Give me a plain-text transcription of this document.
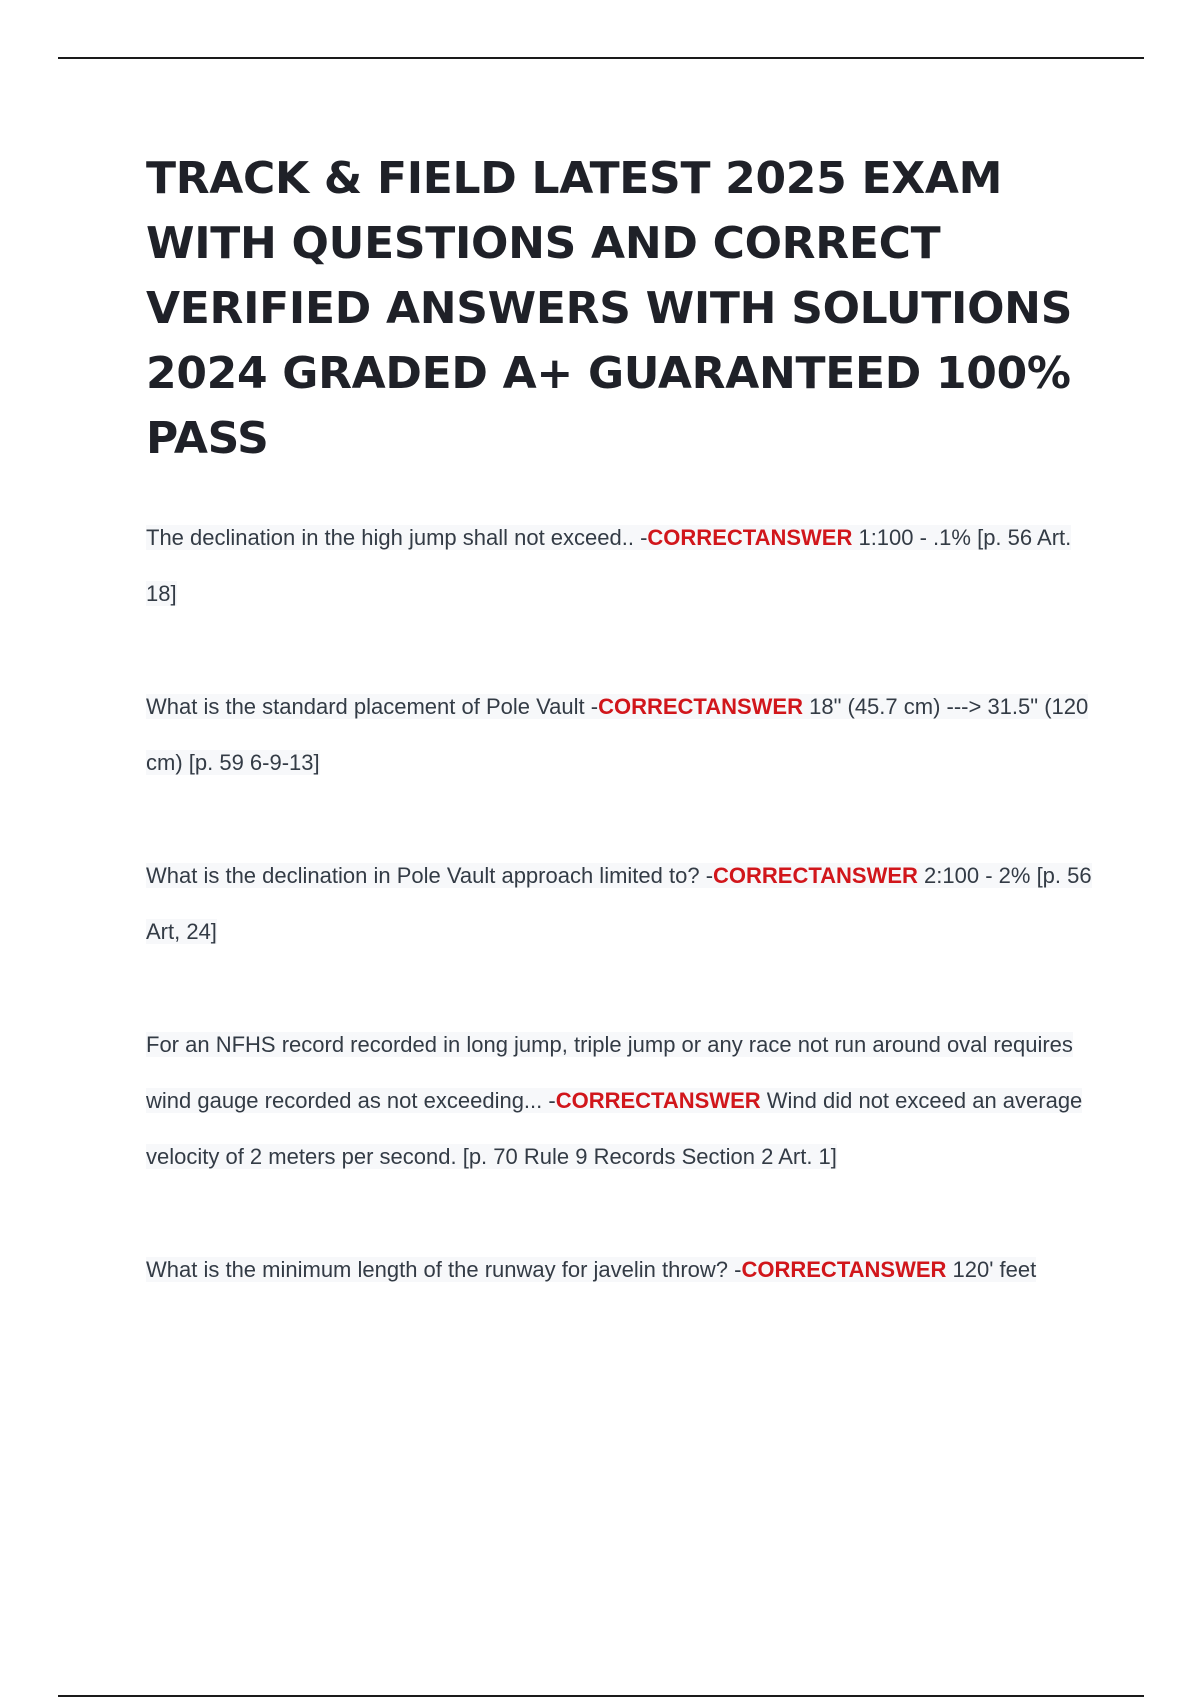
TRACK & FIELD LATEST 2025 EXAM WITH QUESTIONS AND CORRECT VERIFIED ANSWERS WITH SOLUTIONS 2024 GRADED A+ GUARANTEED 100% PASS

The declination in the high jump shall not exceed.. -CORRECTANSWER 1:100 - .1% [p. 56 Art. 18]

What is the standard placement of Pole Vault -CORRECTANSWER 18" (45.7 cm) ---> 31.5" (120 cm) [p. 59 6-9-13]

What is the declination in Pole Vault approach limited to? -CORRECTANSWER 2:100 - 2% [p. 56 Art, 24]

For an NFHS record recorded in long jump, triple jump or any race not run around oval requires wind gauge recorded as not exceeding... -CORRECTANSWER Wind did not exceed an average velocity of 2 meters per second. [p. 70 Rule 9 Records Section 2 Art. 1]

What is the minimum length of the runway for javelin throw? -CORRECTANSWER 120' feet
